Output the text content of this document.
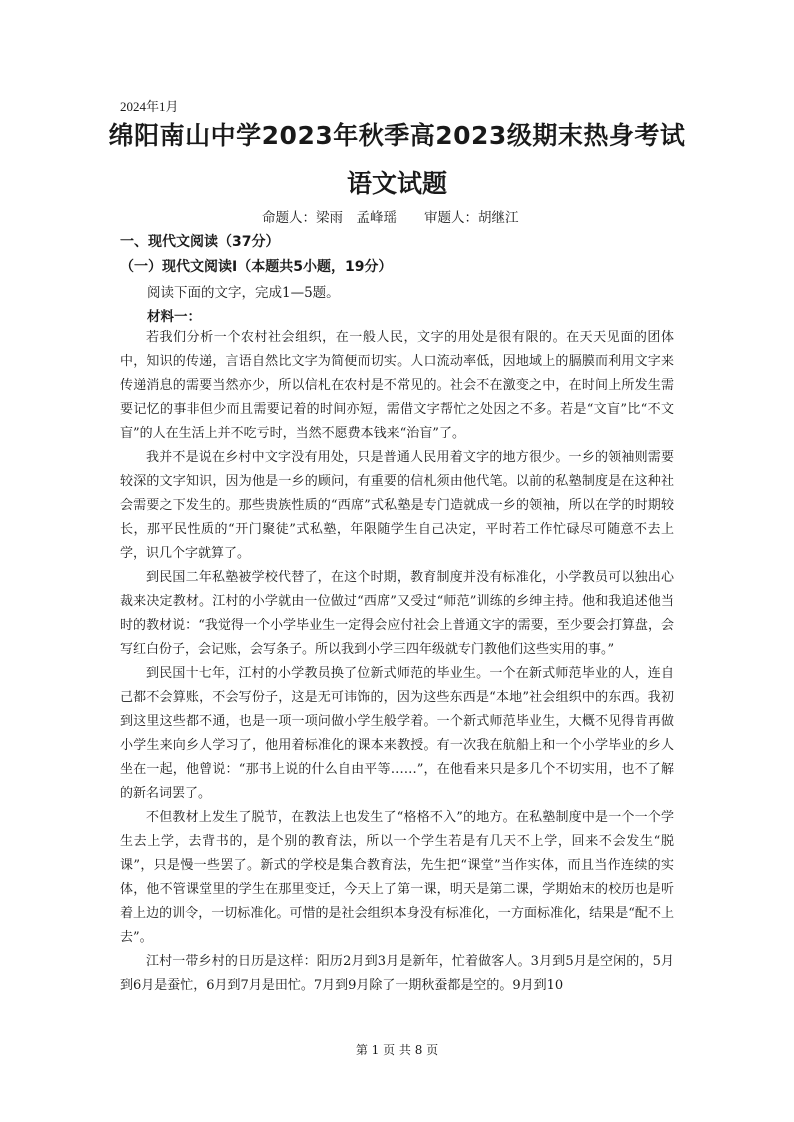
2024年1月
绵阳南山中学2023年秋季高2023级期末热身考试
语文试题
命题人：梁雨　孟峰瑶　　审题人：胡继江
一、现代文阅读（37分）
（一）现代文阅读Ⅰ（本题共5小题，19分）
阅读下面的文字，完成1—5题。
材料一：

若我们分析一个农村社会组织，在一般人民，文字的用处是很有限的。在天天见面的团体中，知识的传递，言语自然比文字为简便而切实。人口流动率低，因地域上的膈膜而利用文字来传递消息的需要当然亦少，所以信札在农村是不常见的。社会不在激变之中，在时间上所发生需要记忆的事非但少而且需要记着的时间亦短，需借文字帮忙之处因之不多。若是“文盲”比“不文盲”的人在生活上并不吃亏时，当然不愿费本钱来“治盲”了。

我并不是说在乡村中文字没有用处，只是普通人民用着文字的地方很少。一乡的领袖则需要较深的文字知识，因为他是一乡的顾问，有重要的信札须由他代笔。以前的私塾制度是在这种社会需要之下发生的。那些贵族性质的“西席”式私塾是专门造就成一乡的领袖，所以在学的时期较长，那平民性质的“开门聚徒”式私塾，年限随学生自己决定，平时若工作忙碌尽可随意不去上学，识几个字就算了。

到民国二年私塾被学校代替了，在这个时期，教育制度并没有标准化，小学教员可以独出心裁来决定教材。江村的小学就由一位做过“西席”又受过“师范”训练的乡绅主持。他和我追述他当时的教材说：“我觉得一个小学毕业生一定得会应付社会上普通文字的需要，至少要会打算盘，会写红白份子，会记账，会写条子。所以我到小学三四年级就专门教他们这些实用的事。”

到民国十七年，江村的小学教员换了位新式师范的毕业生。一个在新式师范毕业的人，连自己都不会算账，不会写份子，这是无可讳饰的，因为这些东西是“本地”社会组织中的东西。我初到这里这些都不通，也是一项一项问做小学生般学着。一个新式师范毕业生，大概不见得肯再做小学生来向乡人学习了，他用着标准化的课本来教授。有一次我在航船上和一个小学毕业的乡人坐在一起，他曾说：“那书上说的什么自由平等……”，在他看来只是多几个不切实用，也不了解的新名词罢了。

不但教材上发生了脱节，在教法上也发生了“格格不入”的地方。在私塾制度中是一个一个学生去上学，去背书的，是个别的教育法，所以一个学生若是有几天不上学，回来不会发生“脱课”，只是慢一些罢了。新式的学校是集合教育法，先生把“课堂”当作实体，而且当作连续的实体，他不管课堂里的学生在那里变迁，今天上了第一课，明天是第二课，学期始末的校历也是听着上边的训令，一切标准化。可惜的是社会组织本身没有标准化，一方面标准化，结果是“配不上去”。

江村一带乡村的日历是这样：阳历2月到3月是新年，忙着做客人。3月到5月是空闲的，5月到6月是蚕忙，6月到7月是田忙。7月到9月除了一期秋蚕都是空的。9月到10

第 1 页 共 8 页
